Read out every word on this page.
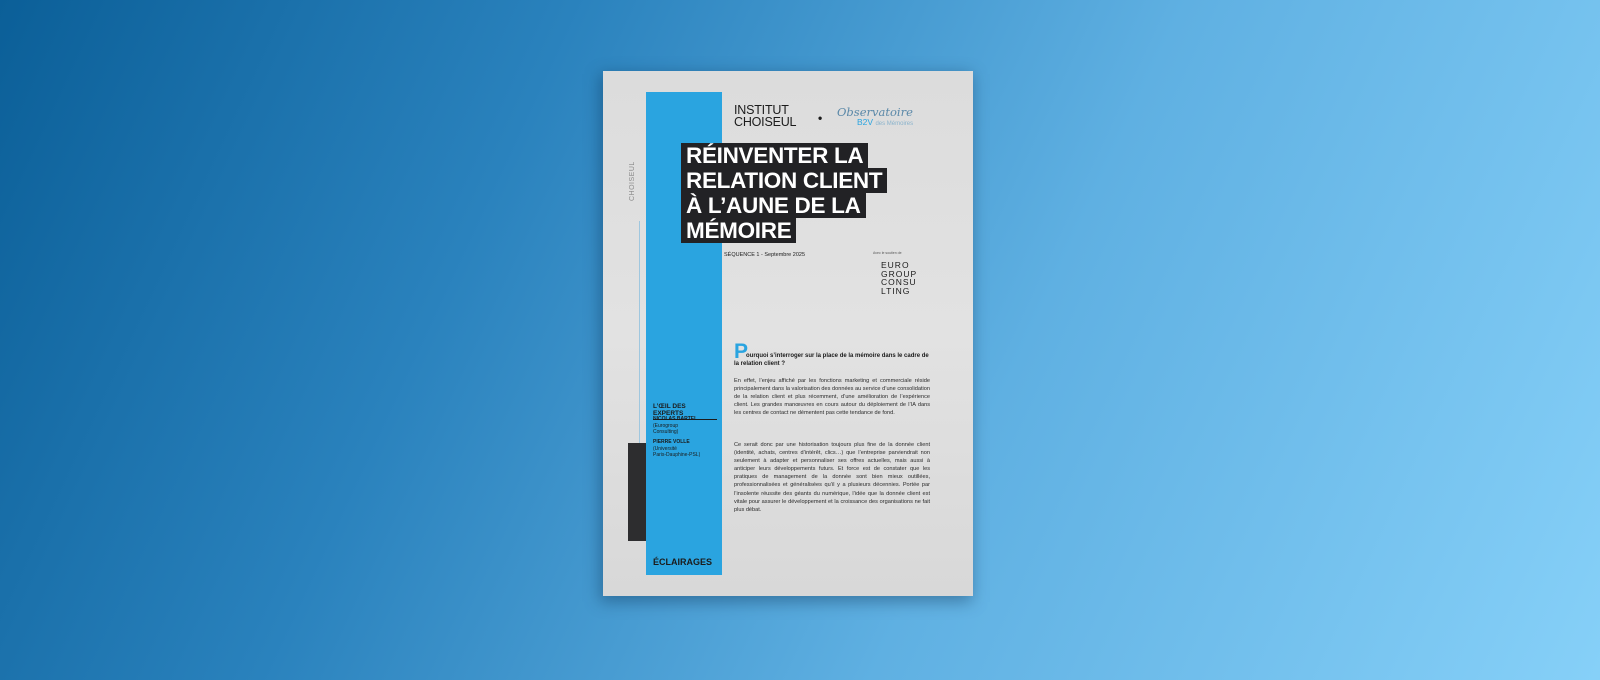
CHOISEUL
L’ŒIL DES EXPERTS
NICOLAS BARTEL
(Eurogroup
Consulting)
PIERRE VOLLE
(Université
Paris-Dauphine-PSL)
ÉCLAIRAGES
INSTITUT
CHOISEUL • Observatoire
B2V des Mémoires
RÉINVENTER LA
RELATION CLIENT
À L’AUNE DE LA
MÉMOIRE
SÉQUENCE 1 - Septembre 2025	Avec le soutien de
EURO
GROUP
CONSU
LTING
P
ourquoi s’interroger sur la place de la mémoire dans le cadre de la relation client ?
En effet, l’enjeu affiché par les fonctions marketing et commerciale réside principalement dans la valorisation des données au service d’une consolidation de la relation client et plus récemment, d’une amélioration de l’expérience client. Les grandes manœuvres en cours autour du déploiement de l’IA dans les centres de contact ne démentent pas cette tendance de fond.
Ce serait donc par une historisation toujours plus fine de la donnée client (identité, achats, centres d’intérêt, clics…) que l’entreprise parviendrait non seulement à adapter et personnaliser ses offres actuelles, mais aussi à anticiper leurs développements futurs. Et force est de constater que les pratiques de management de la donnée sont bien mieux outillées, professionnalisées et généralisées qu’il y a plusieurs décennies. Portée par l’insolente réussite des géants du numérique, l’idée que la donnée client est vitale pour assurer le développement et la croissance des organisations ne fait plus débat.
